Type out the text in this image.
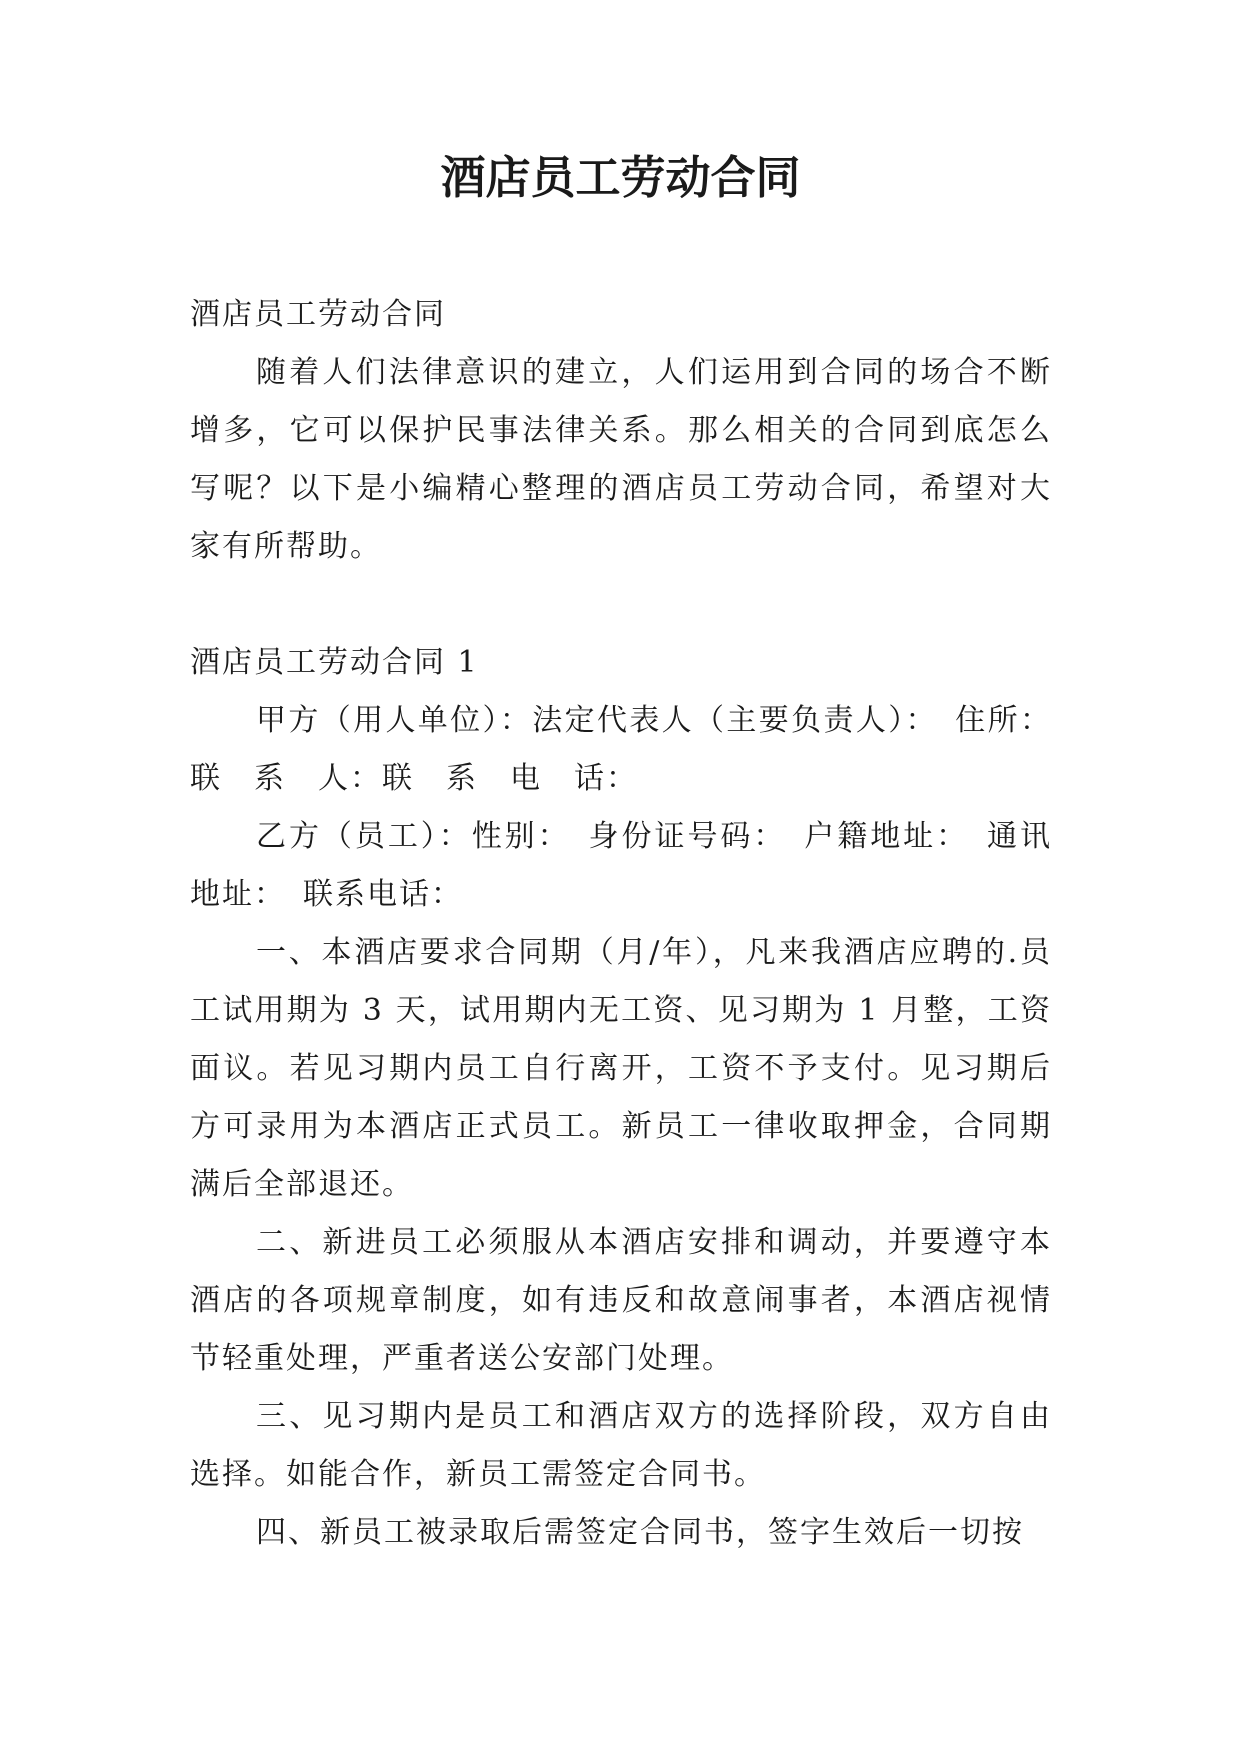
酒店员工劳动合同

酒店员工劳动合同

随着人们法律意识的建立，人们运用到合同的场合不断增多，它可以保护民事法律关系。那么相关的合同到底怎么写呢？以下是小编精心整理的酒店员工劳动合同，希望对大家有所帮助。

酒店员工劳动合同 1

甲方（用人单位）：法定代表人（主要负责人）：　住所：联　系　人：联　系　电　话：

乙方（员工）：性别：　身份证号码：　户籍地址：　通讯地址：　联系电话：

一、本酒店要求合同期（月/年），凡来我酒店应聘的.员工试用期为 3 天，试用期内无工资、见习期为 1 月整，工资面议。若见习期内员工自行离开，工资不予支付。见习期后方可录用为本酒店正式员工。新员工一律收取押金，合同期满后全部退还。

二、新进员工必须服从本酒店安排和调动，并要遵守本酒店的各项规章制度，如有违反和故意闹事者，本酒店视情节轻重处理，严重者送公安部门处理。

三、见习期内是员工和酒店双方的选择阶段，双方自由选择。如能合作，新员工需签定合同书。

四、新员工被录取后需签定合同书，签字生效后一切按
